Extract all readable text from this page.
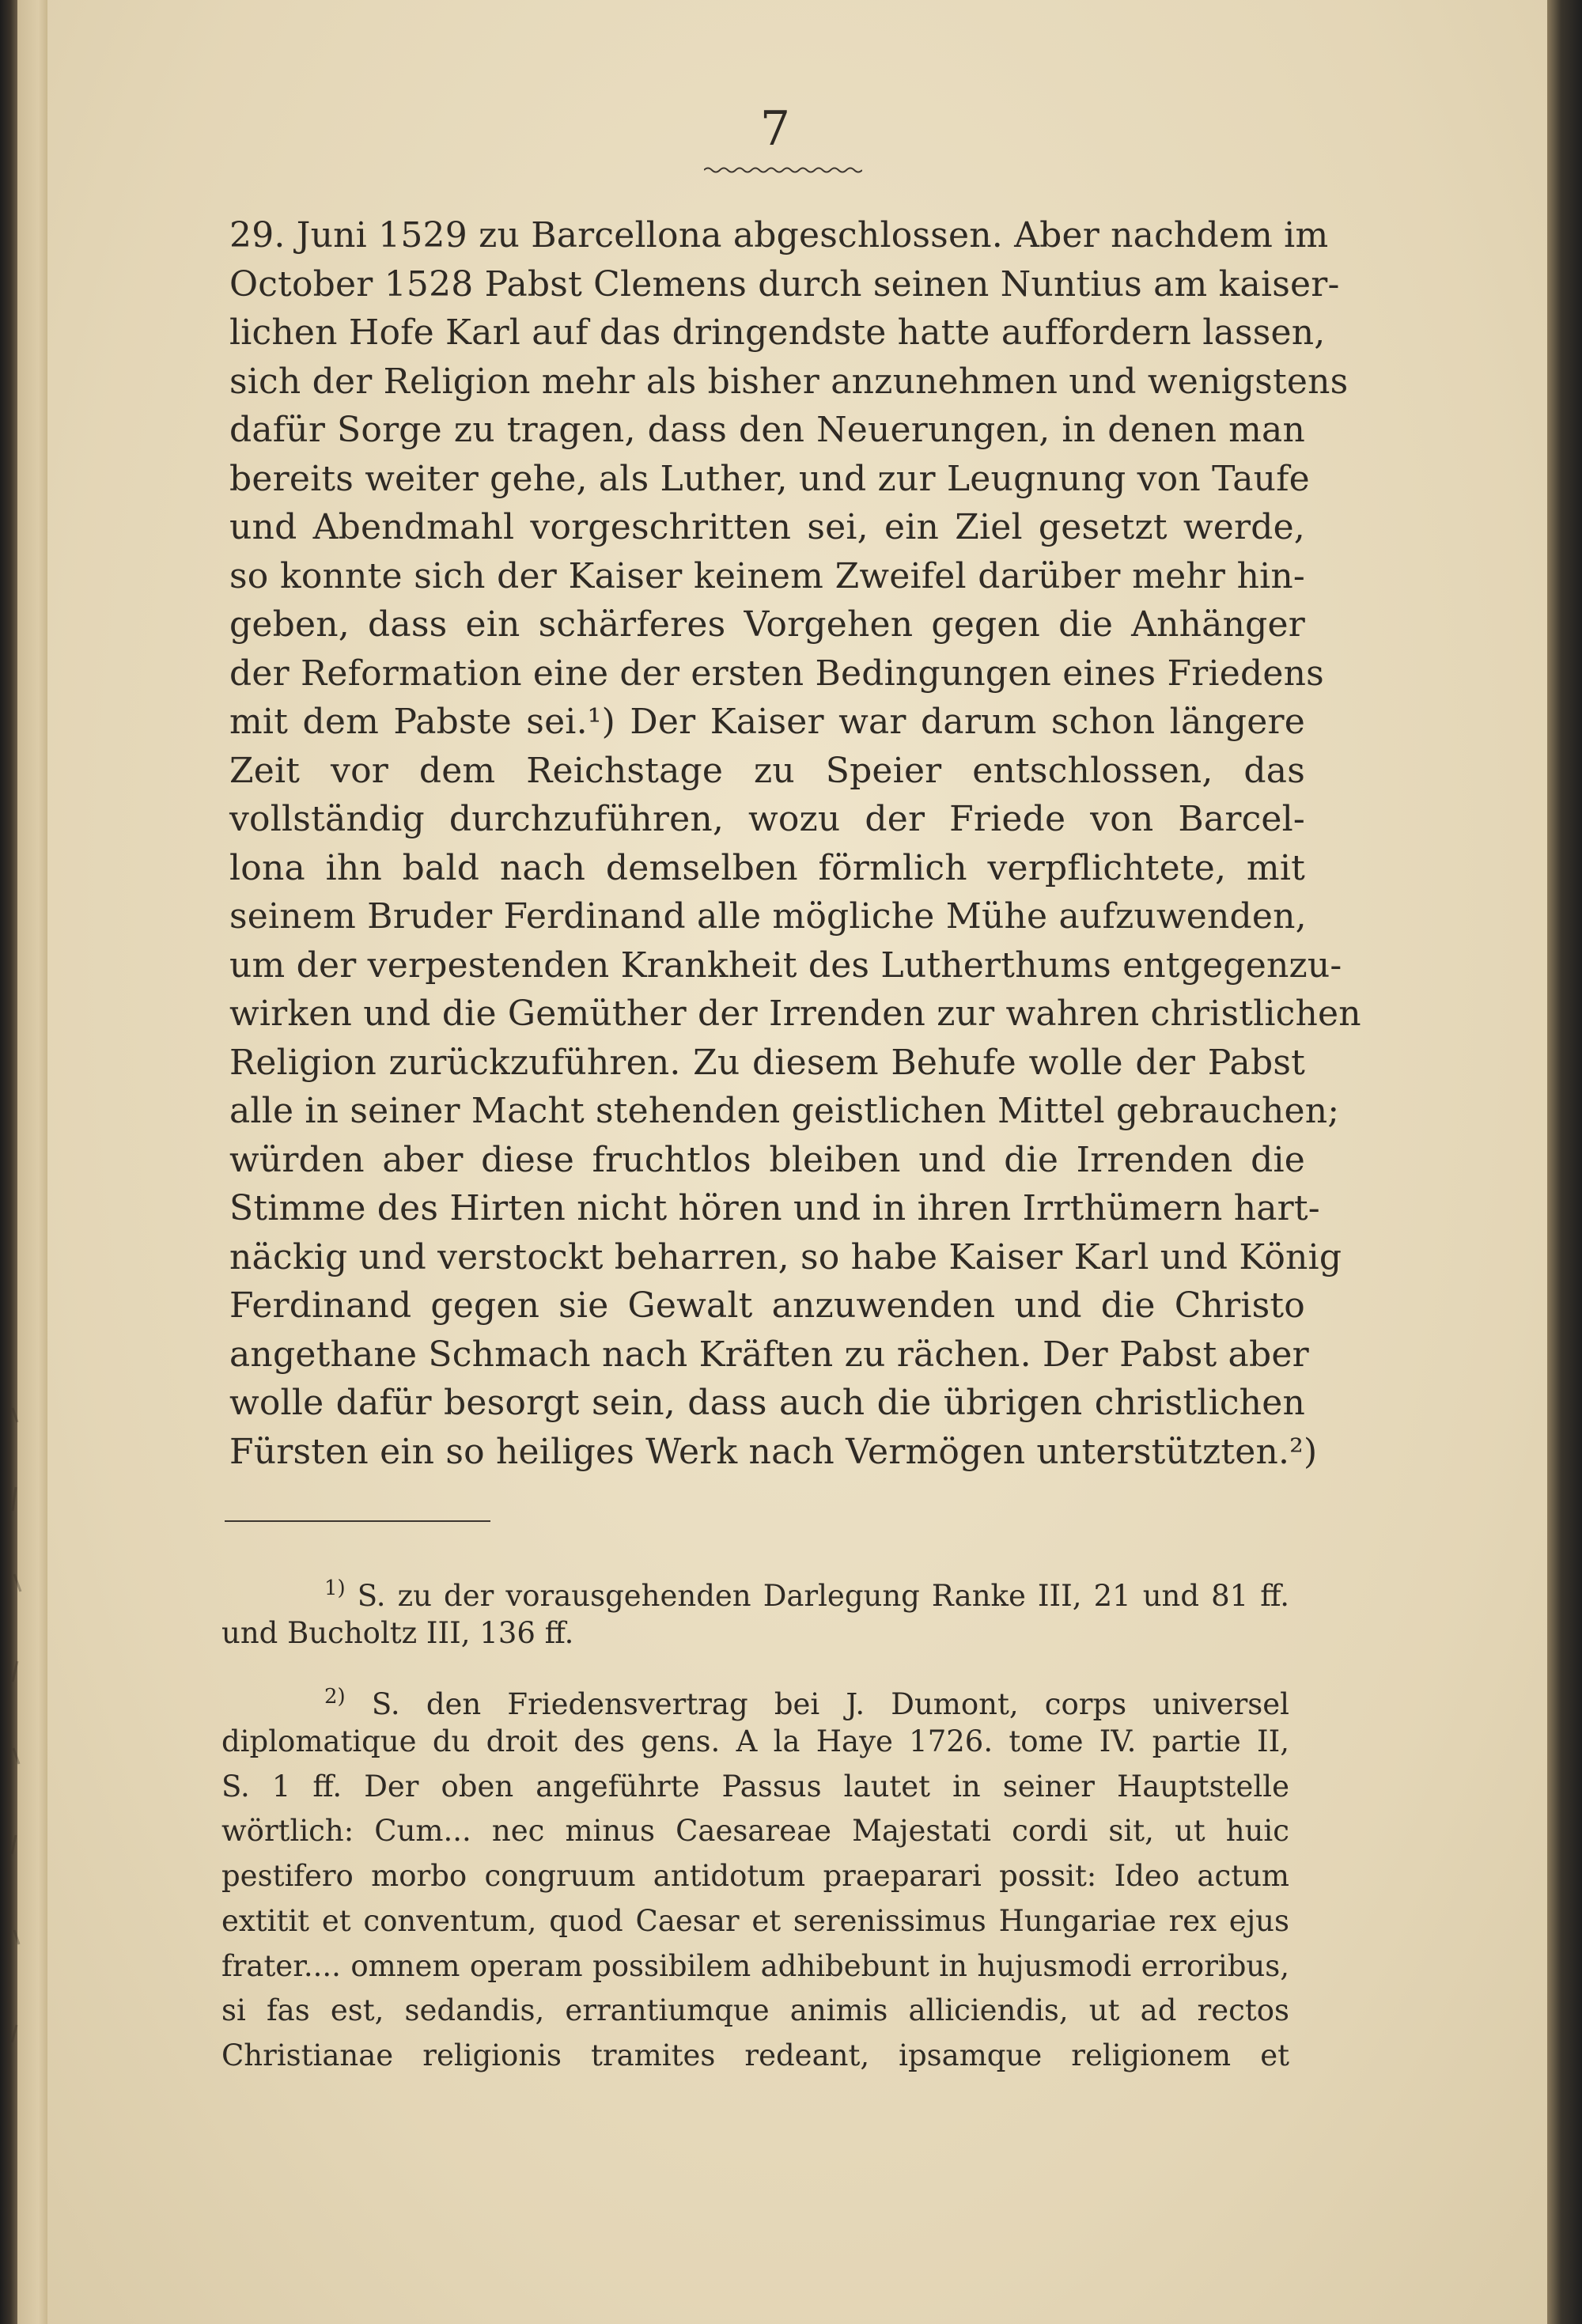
7
29. Juni 1529 zu Barcellona abgeschlossen. Aber nachdem im
October 1528 Pabst Clemens durch seinen Nuntius am kaiser-
lichen Hofe Karl auf das dringendste hatte auffordern lassen,
sich der Religion mehr als bisher anzunehmen und wenigstens
dafür Sorge zu tragen, dass den Neuerungen, in denen man
bereits weiter gehe, als Luther, und zur Leugnung von Taufe
und Abendmahl vorgeschritten sei, ein Ziel gesetzt werde,
so konnte sich der Kaiser keinem Zweifel darüber mehr hin-
geben, dass ein schärferes Vorgehen gegen die Anhänger
der Reformation eine der ersten Bedingungen eines Friedens
mit dem Pabste sei.¹) Der Kaiser war darum schon längere
Zeit vor dem Reichstage zu Speier entschlossen, das
vollständig durchzuführen, wozu der Friede von Barcel-
lona ihn bald nach demselben förmlich verpflichtete, mit
seinem Bruder Ferdinand alle mögliche Mühe aufzuwenden,
um der verpestenden Krankheit des Lutherthums entgegenzu-
wirken und die Gemüther der Irrenden zur wahren christlichen
Religion zurückzuführen. Zu diesem Behufe wolle der Pabst
alle in seiner Macht stehenden geistlichen Mittel gebrauchen;
würden aber diese fruchtlos bleiben und die Irrenden die
Stimme des Hirten nicht hören und in ihren Irrthümern hart-
näckig und verstockt beharren, so habe Kaiser Karl und König
Ferdinand gegen sie Gewalt anzuwenden und die Christo
angethane Schmach nach Kräften zu rächen. Der Pabst aber
wolle dafür besorgt sein, dass auch die übrigen christlichen
Fürsten ein so heiliges Werk nach Vermögen unterstützten.²)
$^{1)}$ S. zu der vorausgehenden Darlegung Ranke III, 21 und 81 ff.
und Bucholtz III, 136 ff.
$^{2)}$ S. den Friedensvertrag bei J. Dumont, corps universel
diplomatique du droit des gens. A la Haye 1726. tome IV. partie II,
S. 1 ff. Der oben angeführte Passus lautet in seiner Hauptstelle
wörtlich: Cum... nec minus Caesareae Majestati cordi sit, ut huic
pestifero morbo congruum antidotum praeparari possit: Ideo actum
extitit et conventum, quod Caesar et serenissimus Hungariae rex ejus
frater.... omnem operam possibilem adhibebunt in hujusmodi erroribus,
si fas est, sedandis, errantiumque animis alliciendis, ut ad rectos
Christianae religionis tramites redeant, ipsamque religionem et
